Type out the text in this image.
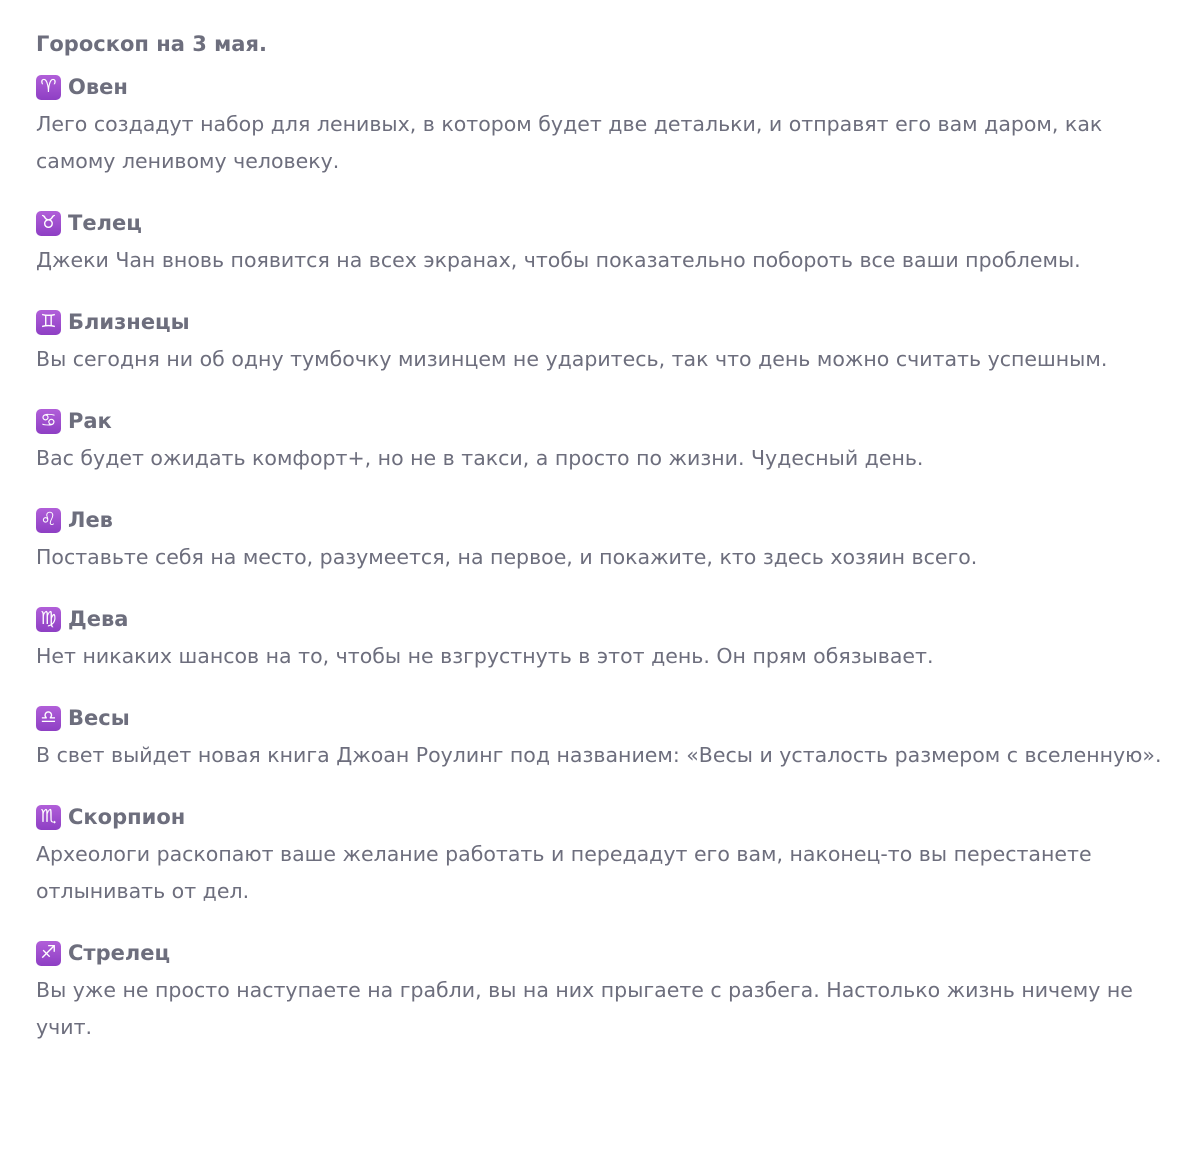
Гороскоп на 3 мая.
♈ Овен

Лего создадут набор для ленивых, в котором будет две детальки, и отправят его вам даром, как самому ленивому человеку.

♉ Телец

Джеки Чан вновь появится на всех экранах, чтобы показательно побороть все ваши проблемы.

♊ Близнецы

Вы сегодня ни об одну тумбочку мизинцем не ударитесь, так что день можно считать успешным.

♋ Рак

Вас будет ожидать комфорт+, но не в такси, а просто по жизни. Чудесный день.

♌ Лев

Поставьте себя на место, разумеется, на первое, и покажите, кто здесь хозяин всего.

♍ Дева

Нет никаких шансов на то, чтобы не взгрустнуть в этот день. Он прям обязывает.

♎ Весы

В свет выйдет новая книга Джоан Роулинг под названием: «Весы и усталость размером с вселенную».

♏ Скорпион

Археологи раскопают ваше желание работать и передадут его вам, наконец-то вы перестанете отлынивать от дел.

♐ Стрелец

Вы уже не просто наступаете на грабли, вы на них прыгаете с разбега. Настолько жизнь ничему не учит.
